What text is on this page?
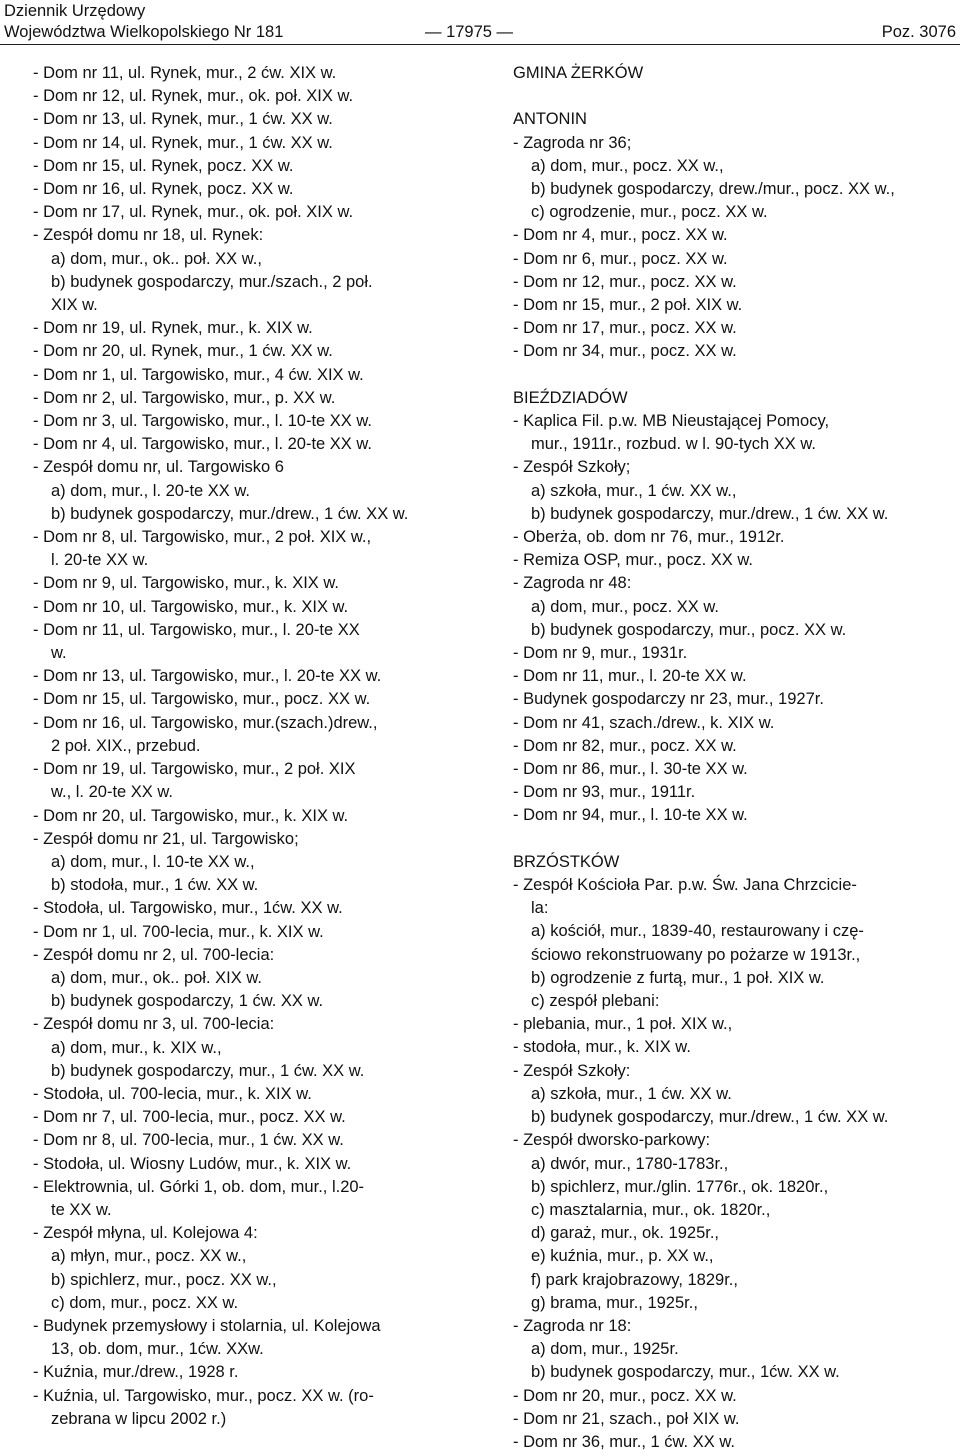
Dziennik Urzędowy
Województwa Wielkopolskiego Nr 181	— 17975 —	Poz. 3076
- Dom nr 11, ul. Rynek, mur., 2 ćw. XIX w.
- Dom nr 12, ul. Rynek, mur., ok. poł. XIX w.
- Dom nr 13, ul. Rynek, mur., 1 ćw. XX w.
- Dom nr 14, ul. Rynek, mur., 1 ćw. XX w.
- Dom nr 15, ul. Rynek, pocz. XX w.
- Dom nr 16, ul. Rynek, pocz. XX w.
- Dom nr 17, ul. Rynek, mur., ok. poł. XIX w.
- Zespół domu nr 18, ul. Rynek:
a) dom, mur., ok.. poł. XX w.,
b) budynek gospodarczy, mur./szach., 2 poł.
XIX w.
- Dom nr 19, ul. Rynek, mur., k. XIX w.
- Dom nr 20, ul. Rynek, mur., 1 ćw. XX w.
- Dom nr 1, ul. Targowisko, mur., 4 ćw. XIX w.
- Dom nr 2, ul. Targowisko, mur., p. XX w.
- Dom nr 3, ul. Targowisko, mur., l. 10-te XX w.
- Dom nr 4, ul. Targowisko, mur., l. 20-te XX w.
- Zespół domu nr, ul. Targowisko 6
a) dom, mur., l. 20-te XX w.
b) budynek gospodarczy, mur./drew., 1 ćw. XX w.
- Dom nr 8, ul. Targowisko, mur., 2 poł. XIX w.,
l. 20-te XX w.
- Dom nr 9, ul. Targowisko, mur., k. XIX w.
- Dom nr 10, ul. Targowisko, mur., k. XIX w.
- Dom nr 11, ul. Targowisko, mur., l. 20-te XX
w.
- Dom nr 13, ul. Targowisko, mur., l. 20-te XX w.
- Dom nr 15, ul. Targowisko, mur., pocz. XX w.
- Dom nr 16, ul. Targowisko, mur.(szach.)drew.,
2 poł. XIX., przebud.
- Dom nr 19, ul. Targowisko, mur., 2 poł. XIX
w., l. 20-te XX w.
- Dom nr 20, ul. Targowisko, mur., k. XIX w.
- Zespół domu nr 21, ul. Targowisko;
a) dom, mur., l. 10-te XX w.,
b) stodoła, mur., 1 ćw. XX w.
- Stodoła, ul. Targowisko, mur., 1ćw. XX w.
- Dom nr 1, ul. 700-lecia, mur., k. XIX w.
- Zespół domu nr 2, ul. 700-lecia:
a) dom, mur., ok.. poł. XIX w.
b) budynek gospodarczy, 1 ćw. XX w.
- Zespół domu nr 3, ul. 700-lecia:
a) dom, mur., k. XIX w.,
b) budynek gospodarczy, mur., 1 ćw. XX w.
- Stodoła, ul. 700-lecia, mur., k. XIX w.
- Dom nr 7, ul. 700-lecia, mur., pocz. XX w.
- Dom nr 8, ul. 700-lecia, mur., 1 ćw. XX w.
- Stodoła, ul. Wiosny Ludów, mur., k. XIX w.
- Elektrownia, ul. Górki 1, ob. dom, mur., l.20-
te XX w.
- Zespół młyna, ul. Kolejowa 4:
a) młyn, mur., pocz. XX w.,
b) spichlerz, mur., pocz. XX w.,
c) dom, mur., pocz. XX w.
- Budynek przemysłowy i stolarnia, ul. Kolejowa
13, ob. dom, mur., 1ćw. XXw.
- Kuźnia, mur./drew., 1928 r.
- Kuźnia, ul. Targowisko, mur., pocz. XX w. (ro-
zebrana w lipcu 2002 r.)
GMINA ŻERKÓW
ANTONIN
- Zagroda nr 36;
a) dom, mur., pocz. XX w.,
b) budynek gospodarczy, drew./mur., pocz. XX w.,
c) ogrodzenie, mur., pocz. XX w.
- Dom nr 4, mur., pocz. XX w.
- Dom nr 6, mur., pocz. XX w.
- Dom nr 12, mur., pocz. XX w.
- Dom nr 15, mur., 2 poł. XIX w.
- Dom nr 17, mur., pocz. XX w.
- Dom nr 34, mur., pocz. XX w.
BIEŹDZIADÓW
- Kaplica Fil. p.w. MB Nieustającej Pomocy,
mur., 1911r., rozbud. w l. 90-tych XX w.
- Zespół Szkoły;
a) szkoła, mur., 1 ćw. XX w.,
b) budynek gospodarczy, mur./drew., 1 ćw. XX w.
- Oberża, ob. dom nr 76, mur., 1912r.
- Remiza OSP, mur., pocz. XX w.
- Zagroda nr 48:
a) dom, mur., pocz. XX w.
b) budynek gospodarczy, mur., pocz. XX w.
- Dom nr 9, mur., 1931r.
- Dom nr 11, mur., l. 20-te XX w.
- Budynek gospodarczy nr 23, mur., 1927r.
- Dom nr 41, szach./drew., k. XIX w.
- Dom nr 82, mur., pocz. XX w.
- Dom nr 86, mur., l. 30-te XX w.
- Dom nr 93, mur., 1911r.
- Dom nr 94, mur., l. 10-te XX w.
BRZÓSTKÓW
- Zespół Kościoła Par. p.w. Św. Jana Chrzcicie-
la:
a) kościół, mur., 1839-40, restaurowany i czę-
ściowo rekonstruowany po pożarze w 1913r.,
b) ogrodzenie z furtą, mur., 1 poł. XIX w.
c) zespół plebani:
- plebania, mur., 1 poł. XIX w.,
- stodoła, mur., k. XIX w.
- Zespół Szkoły:
a) szkoła, mur., 1 ćw. XX w.
b) budynek gospodarczy, mur./drew., 1 ćw. XX w.
- Zespół dworsko-parkowy:
a) dwór, mur., 1780-1783r.,
b) spichlerz, mur./glin. 1776r., ok. 1820r.,
c) masztalarnia, mur., ok. 1820r.,
d) garaż, mur., ok. 1925r.,
e) kuźnia, mur., p. XX w.,
f) park krajobrazowy, 1829r.,
g) brama, mur., 1925r.,
- Zagroda nr 18:
a) dom, mur., 1925r.
b) budynek gospodarczy, mur., 1ćw. XX w.
- Dom nr 20, mur., pocz. XX w.
- Dom nr 21, szach., poł XIX w.
- Dom nr 36, mur., 1 ćw. XX w.
